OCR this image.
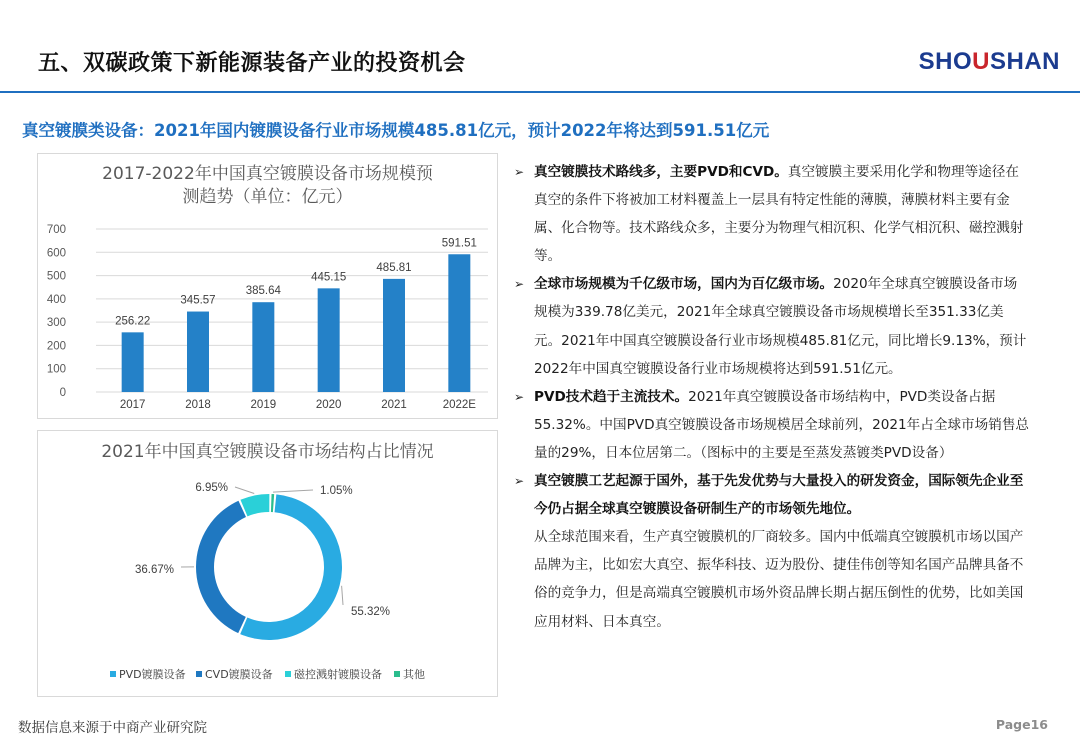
五、双碳政策下新能源装备产业的投资机会	SHOUSHAN
真空镀膜类设备：2021年国内镀膜设备行业市场规模485.81亿元，预计2022年将达到591.51亿元
2017-2022年中国真空镀膜设备市场规模预
测趋势（单位：亿元）
0
100
200
300
400
500
600
700
256.22
2017
345.57
2018
385.64
2019
445.15
2020
485.81
2021
591.51
2022E
2021年中国真空镀膜设备市场结构占比情况
1.05%
55.32%
36.67%
6.95%
PVD镀膜设备 CVD镀膜设备 磁控溅射镀膜设备 其他
➢ 真空镀膜技术路线多，主要PVD和CVD。真空镀膜主要采用化学和物理等途径在真空的条件下将被加工材料覆盖上一层具有特定性能的薄膜，薄膜材料主要有金属、化合物等。技术路线众多，主要分为物理气相沉积、化学气相沉积、磁控溅射等。
➢ 全球市场规模为千亿级市场，国内为百亿级市场。2020年全球真空镀膜设备市场规模为339.78亿美元，2021年全球真空镀膜设备市场规模增长至351.33亿美元。2021年中国真空镀膜设备行业市场规模485.81亿元，同比增长9.13%，预计2022年中国真空镀膜设备行业市场规模将达到591.51亿元。
➢ PVD技术趋于主流技术。2021年真空镀膜设备市场结构中，PVD类设备占据55.32%。中国PVD真空镀膜设备市场规模居全球前列，2021年占全球市场销售总量的29%，日本位居第二。（图标中的主要是至蒸发蒸镀类PVD设备）
➢ 真空镀膜工艺起源于国外，基于先发优势与大量投入的研发资金，国际领先企业至今仍占据全球真空镀膜设备研制生产的市场领先地位。
从全球范围来看，生产真空镀膜机的厂商较多。国内中低端真空镀膜机市场以国产品牌为主，比如宏大真空、振华科技、迈为股份、捷佳伟创等知名国产品牌具备不俗的竞争力，但是高端真空镀膜机市场外资品牌长期占据压倒性的优势，比如美国应用材料、日本真空。
数据信息来源于中商产业研究院	Page16
